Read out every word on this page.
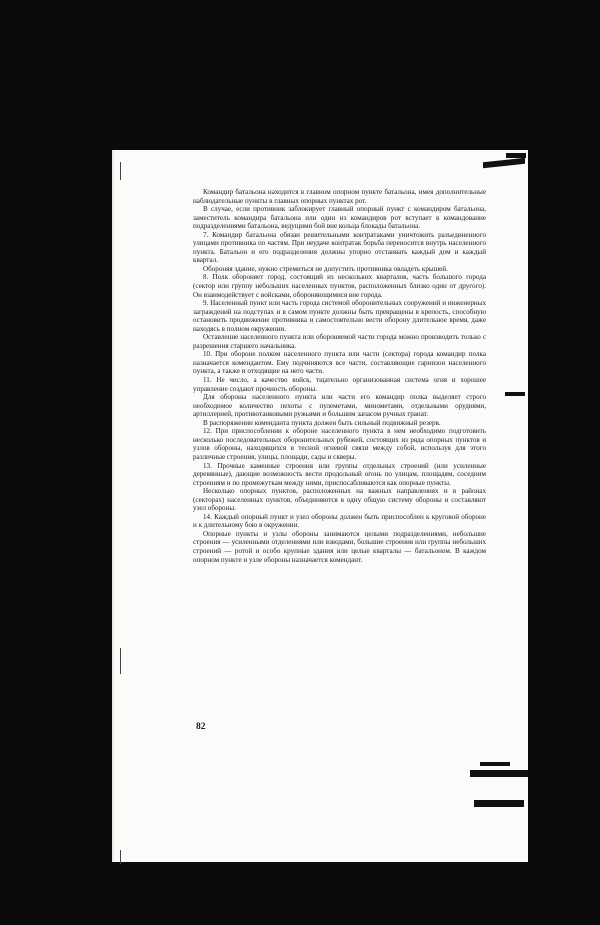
Командир батальона находится в главном опорном пункте батальона, имея дополнительные наблюдательные пункты в главных опорных пунктах рот.

В случае, если противник заблокирует главный опорный пункт с командиром батальона, заместитель командира батальона или один из командиров рот вступает в командование подразделениями батальона, ведущими бой вне кольца блокады батальона.

7. Командир батальона обязан решительными контратаками уничтожить разъединенного улицами противника по частям. При неудаче контратак борьба переносится внутрь населенного пункта. Батальон и его подразделения должны упорно отстаивать каждый дом и каждый квартал.

Обороняя здание, нужно стремиться не допустить противника овладеть крышей.

8. Полк обороняет город, состоящий из нескольких кварталов, часть большого города (сектор или группу небольших населенных пунктов, расположенных близко один от другого). Он взаимодействует с войсками, обороняющимися вне города.

9. Населенный пункт или часть города системой оборонительных сооружений и инженерных заграждений на подступах и в самом пункте должны быть превращены в крепость, способную остановить продвижение противника и самостоятельно вести оборону длительное время, даже находясь в полном окружении.

Оставление населенного пункта или обороняемой части города можно производить только с разрешения старшего начальника.

10. При обороне полком населенного пункта или части (сектора) города командир полка назначается комендантом. Ему подчиняются все части, составляющие гарнизон населенного пункта, а также и отходящие на него части.

11. Не число, а качество войск, тщательно организованная система огня и хорошее управление создают прочность обороны.

Для обороны населенного пункта или части его командир полка выделяет строго необходимое количество пехоты с пулеметами, минометами, отдельными орудиями, артиллерией, противотанковыми ружьями и большим запасом ручных гранат.

В распоряжении коменданта пункта должен быть сильный подвижный резерв.

12. При приспособлении к обороне населенного пункта в нем необходимо подготовить несколько последовательных оборонительных рубежей, состоящих из ряда опорных пунктов и узлов обороны, находящихся в тесной огневой связи между собой, используя для этого различные строения, улицы, площади, сады и скверы.

13. Прочные каменные строения или группы отдельных строений (или усиленные деревянные), дающие возможность вести продольный огонь по улицам, площадям, соседним строениям и по промежуткам между ними, приспосабливаются как опорные пункты.

Несколько опорных пунктов, расположенных на важных направлениях и в районах (секторах) населенных пунктов, объединяются в одну общую систему обороны и составляют узел обороны.

14. Каждый опорный пункт и узел обороны должен быть приспособлен к круговой обороне и к длительному бою в окружении.

Опорные пункты и узлы обороны занимаются целыми подразделениями, небольшие строения — усиленными отделениями или взводами, большие строения или группы небольших строений — ротой и особо крупные здания или целые кварталы — батальоном. В каждом опорном пункте и узле обороны назначается комендант.

82
